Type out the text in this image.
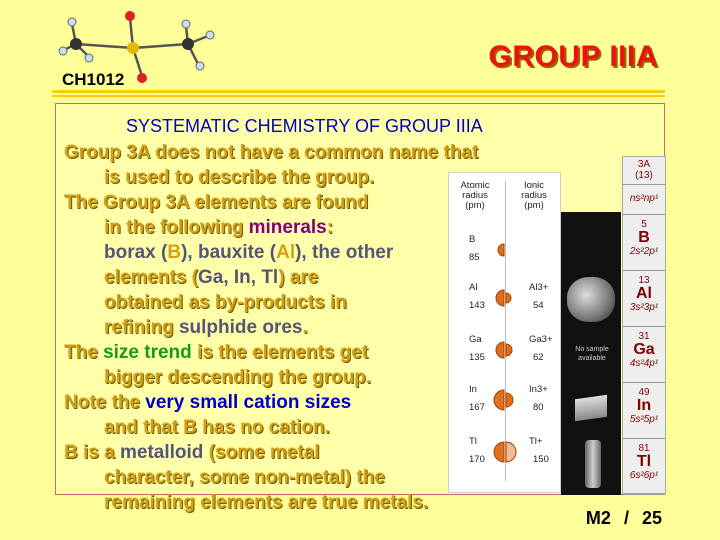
CH1012
GROUP IIIA
SYSTEMATIC CHEMISTRY OF GROUP IIIA

Group 3A does not have a common name that
is used to describe the group.

The Group 3A elements are found
in the following minerals:
borax (B), bauxite (Al), the other
elements (Ga, In, Tl) are
obtained as by-products in
refining sulphide ores.

The size trend is the elements get
bigger descending the group.

Note the very small cation sizes
and that B has no cation.

B is a metalloid (some metal
character, some non-metal) the
remaining elements are true metals.

Atomic radius (pm)
Ionic radius (pm)
B
85
Al
143
Al3+
54
Ga
135
Ga3+
62
In
167
In3+
80
Tl
170
Tl+
150
No sample available
3A
(13)
ns²np¹
5
B
2s²2p¹
13
Al
3s²3p¹
31
Ga
4s²4p¹
49
In
5s²5p¹
81
Tl
6s²6p¹
M2 / 25
